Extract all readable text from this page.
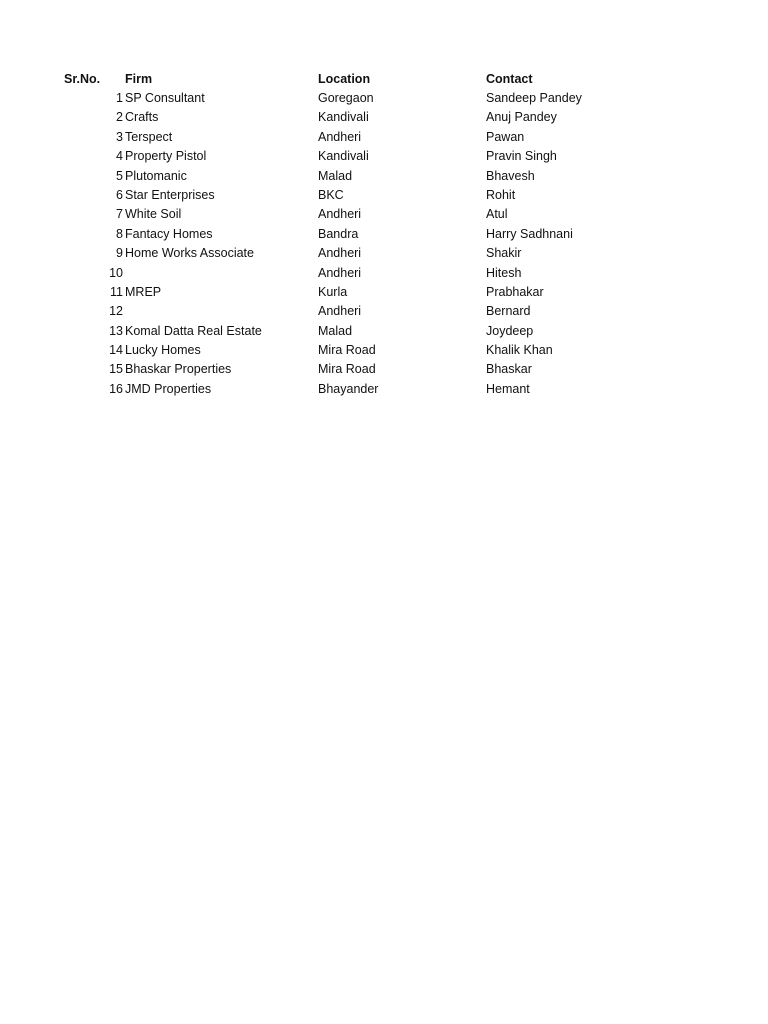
Sr.No. Firm	Location	Contact
1 SP Consultant	Goregaon	Sandeep Pandey
2 Crafts	Kandivali	Anuj Pandey
3 Terspect	Andheri	Pawan
4 Property Pistol	Kandivali	Pravin Singh
5 Plutomanic	Malad	Bhavesh
6 Star Enterprises	BKC	Rohit
7 White Soil	Andheri	Atul
8 Fantacy Homes	Bandra	Harry Sadhnani
9 Home Works Associate	Andheri	Shakir
10	Andheri	Hitesh
11 MREP	Kurla	Prabhakar
12	Andheri	Bernard
13 Komal Datta Real Estate	Malad	Joydeep
14 Lucky Homes	Mira Road	Khalik Khan
15 Bhaskar Properties	Mira Road	Bhaskar
16 JMD Properties	Bhayander	Hemant
